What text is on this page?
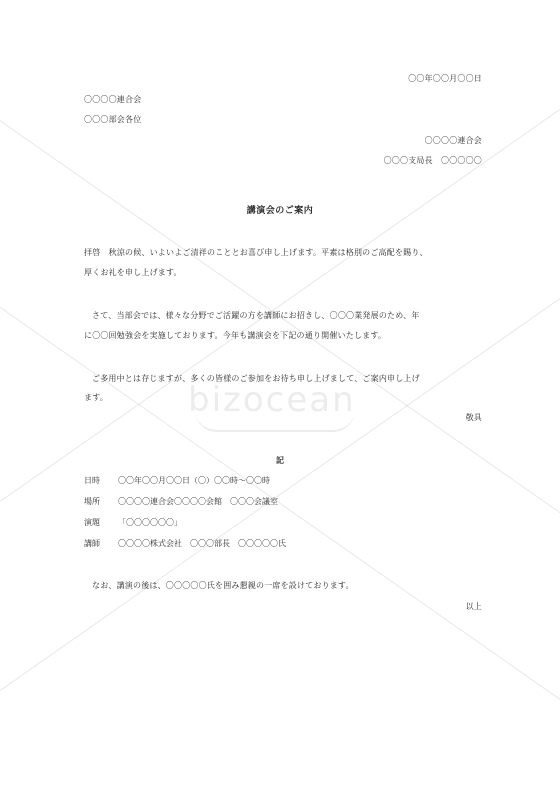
bizocean
〇〇年〇〇月〇〇日
〇〇〇〇連合会
〇〇〇部会各位
〇〇〇〇連合会
〇〇〇支局長　〇〇〇〇〇
講演会のご案内
拝啓　秋涼の候、いよいよご清祥のこととお喜び申し上げます。平素は格別のご高配を賜り、
厚くお礼を申し上げます。
さて、当部会では、様々な分野でご活躍の方を講師にお招きし、〇〇〇業発展のため、年
に〇〇回勉強会を実施しております。今年も講演会を下記の通り開催いたします。
ご多用中とは存じますが、多くの皆様のご参加をお待ち申し上げまして、ご案内申し上げ
ます。
敬具
記
日時 〇〇年〇〇月〇〇日（〇）〇〇時～〇〇時
場所 〇〇〇〇連合会〇〇〇〇会館　〇〇〇会議室
演題 「〇〇〇〇〇〇」
講師 〇〇〇〇株式会社　〇〇〇部長　〇〇〇〇〇氏
なお、講演の後は、〇〇〇〇〇氏を囲み懇親の一席を設けております。
以上
